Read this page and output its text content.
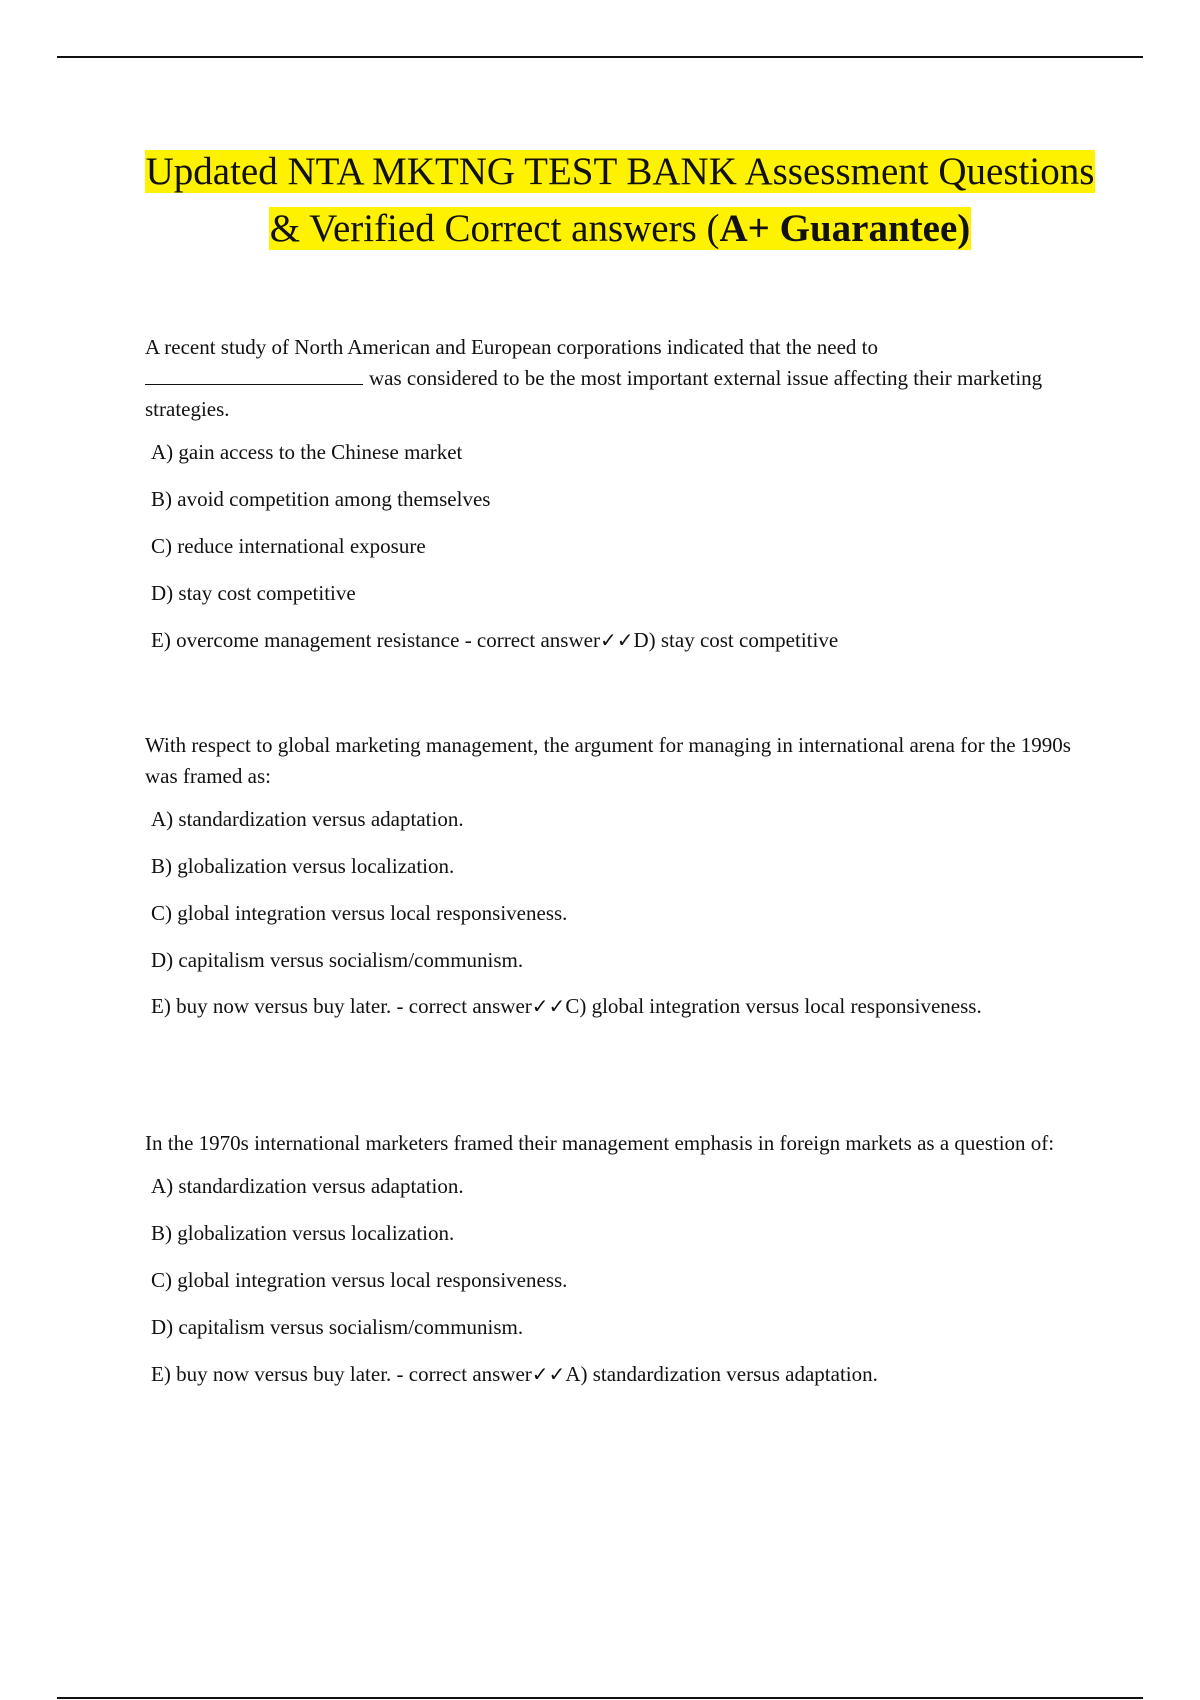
Updated NTA MKTNG TEST BANK Assessment Questions & Verified Correct answers (A+ Guarantee)

A recent study of North American and European corporations indicated that the need to
was considered to be the most important external issue affecting their marketing strategies.

A) gain access to the Chinese market

B) avoid competition among themselves

C) reduce international exposure

D) stay cost competitive

E) overcome management resistance - correct answer✓✓D) stay cost competitive

With respect to global marketing management, the argument for managing in international arena for the 1990s was framed as:

A) standardization versus adaptation.

B) globalization versus localization.

C) global integration versus local responsiveness.

D) capitalism versus socialism/communism.

E) buy now versus buy later. - correct answer✓✓C) global integration versus local responsiveness.

In the 1970s international marketers framed their management emphasis in foreign markets as a question of:

A) standardization versus adaptation.

B) globalization versus localization.

C) global integration versus local responsiveness.

D) capitalism versus socialism/communism.

E) buy now versus buy later. - correct answer✓✓A) standardization versus adaptation.
